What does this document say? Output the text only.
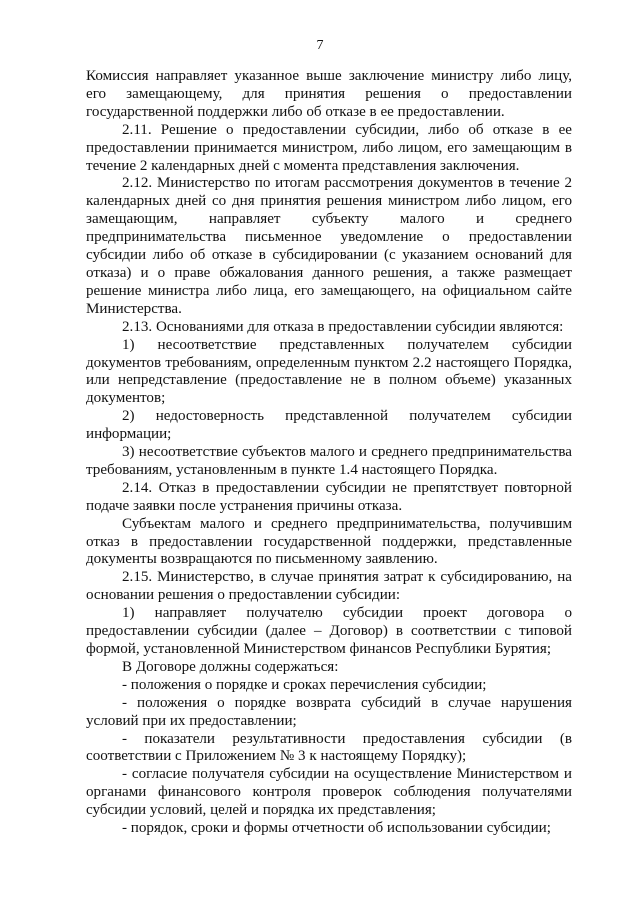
7

Комиссия направляет указанное выше заключение министру либо лицу, его замещающему, для принятия решения о предоставлении государственной поддержки либо об отказе в ее предоставлении.

2.11. Решение о предоставлении субсидии, либо об отказе в ее предоставлении принимается министром, либо лицом, его замещающим в течение 2 календарных дней с момента представления заключения.

2.12. Министерство по итогам рассмотрения документов в течение 2 календарных дней со дня принятия решения министром либо лицом, его замещающим, направляет субъекту малого и среднего предпринимательства письменное уведомление о предоставлении субсидии либо об отказе в субсидировании (с указанием оснований для отказа) и о праве обжалования данного решения, а также размещает решение министра либо лица, его замещающего, на официальном сайте Министерства.

2.13. Основаниями для отказа в предоставлении субсидии являются:

1) несоответствие представленных получателем субсидии документов требованиям, определенным пунктом 2.2 настоящего Порядка, или непредставление (предоставление не в полном объеме) указанных документов;

2) недостоверность представленной получателем субсидии информации;

3) несоответствие субъектов малого и среднего предпринимательства требованиям, установленным в пункте 1.4 настоящего Порядка.

2.14. Отказ в предоставлении субсидии не препятствует повторной подаче заявки после устранения причины отказа.

Субъектам малого и среднего предпринимательства, получившим отказ в предоставлении государственной поддержки, представленные документы возвращаются по письменному заявлению.

2.15. Министерство, в случае принятия затрат к субсидированию, на основании решения о предоставлении субсидии:

1) направляет получателю субсидии проект договора о предоставлении субсидии (далее – Договор) в соответствии с типовой формой, установленной Министерством финансов Республики Бурятия;

В Договоре должны содержаться:

- положения о порядке и сроках перечисления субсидии;

- положения о порядке возврата субсидий в случае нарушения условий при их предоставлении;

- показатели результативности предоставления субсидии (в соответствии с Приложением № 3 к настоящему Порядку);

- согласие получателя субсидии на осуществление Министерством и органами финансового контроля проверок соблюдения получателями субсидии условий, целей и порядка их представления;

- порядок, сроки и формы отчетности об использовании субсидии;
